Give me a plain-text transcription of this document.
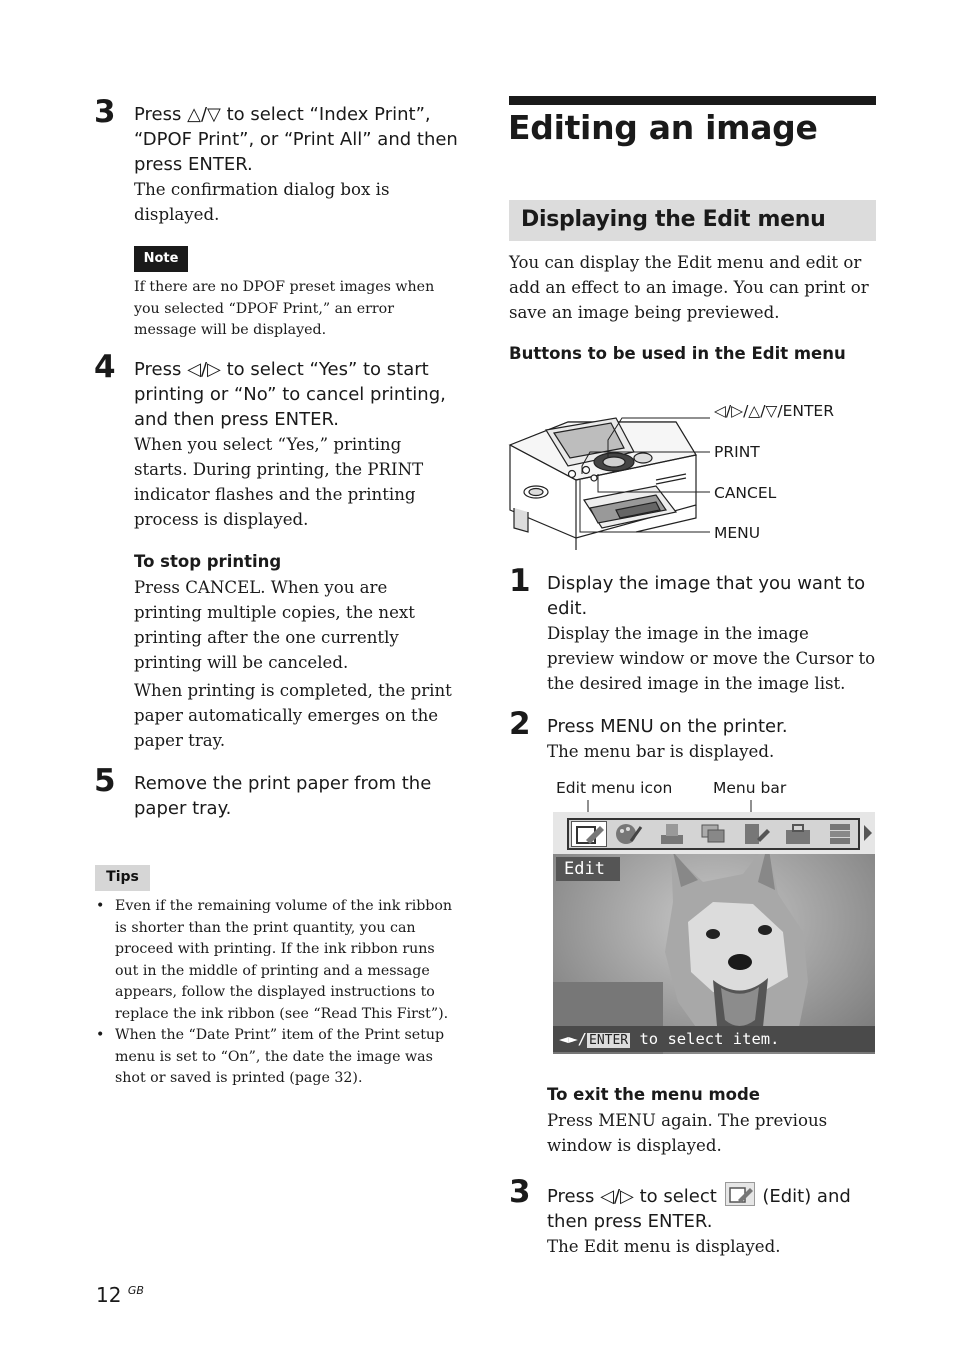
3 Press △/▽ to select “Index Print”, “DPOF Print”, or “Print All” and then press ENTER.
The confirmation dialog box is displayed.
Note
If there are no DPOF preset images when you selected “DPOF Print,” an error message will be displayed.
4 Press ◁/▷ to select “Yes” to start printing or “No” to cancel printing, and then press ENTER.
When you select “Yes,” printing starts. During printing, the PRINT indicator flashes and the printing process is displayed.
To stop printing
Press CANCEL. When you are printing multiple copies, the next printing after the one currently printing will be canceled.
When printing is completed, the print paper automatically emerges on the paper tray.
5 Remove the print paper from the paper tray.
Tips
• Even if the remaining volume of the ink ribbon is shorter than the print quantity, you can proceed with printing. If the ink ribbon runs out in the middle of printing and a message appears, follow the displayed instructions to replace the ink ribbon (see “Read This First”).
• When the “Date Print” item of the Print setup menu is set to “On”, the date the image was shot or saved is printed (page 32).
Editing an image
Displaying the Edit menu
You can display the Edit menu and edit or add an effect to an image. You can print or save an image being previewed.
Buttons to be used in the Edit menu
◁/▷/△/▽/ENTER
PRINT
CANCEL
MENU
1 Display the image that you want to edit.
Display the image in the image preview window or move the Cursor to the desired image in the image list.
2 Press MENU on the printer.
The menu bar is displayed.
Edit menu icon	Menu bar
Edit
◄►/ ENTER to select item.
To exit the menu mode
Press MENU again. The previous window is displayed.
3 Press ◁/▷ to select	(Edit) and
then press ENTER.
The Edit menu is displayed.
12 $^{GB}$
